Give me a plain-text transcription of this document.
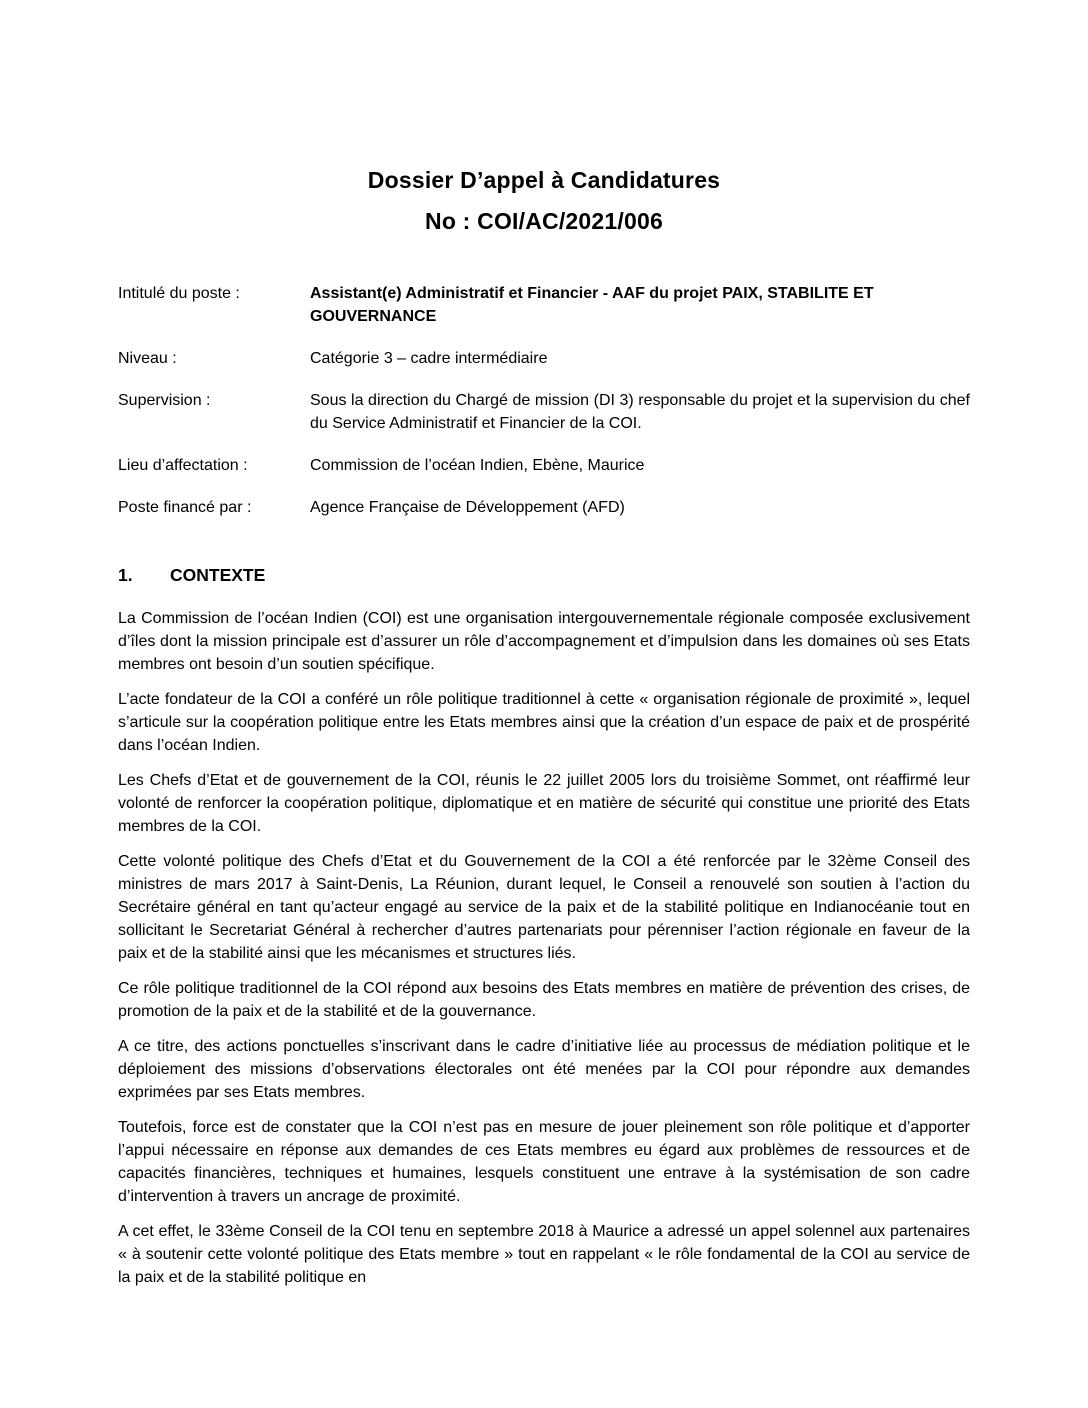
Dossier D’appel à Candidatures
No : COI/AC/2021/006
Intitulé du poste :	Assistant(e) Administratif et Financier - AAF du projet PAIX, STABILITE ET GOUVERNANCE
Niveau :	Catégorie 3 – cadre intermédiaire
Supervision :	Sous la direction du Chargé de mission (DI 3) responsable du projet et la supervision du chef du Service Administratif et Financier de la COI.
Lieu d’affectation :	Commission de l’océan Indien, Ebène, Maurice
Poste financé par :	Agence Française de Développement (AFD)
1. CONTEXTE

La Commission de l’océan Indien (COI) est une organisation intergouvernementale régionale composée exclusivement d’îles dont la mission principale est d’assurer un rôle d’accompagnement et d’impulsion dans les domaines où ses Etats membres ont besoin d’un soutien spécifique.

L’acte fondateur de la COI a conféré un rôle politique traditionnel à cette « organisation régionale de proximité », lequel s’articule sur la coopération politique entre les Etats membres ainsi que la création d’un espace de paix et de prospérité dans l’océan Indien.

Les Chefs d’Etat et de gouvernement de la COI, réunis le 22 juillet 2005 lors du troisième Sommet, ont réaffirmé leur volonté de renforcer la coopération politique, diplomatique et en matière de sécurité qui constitue une priorité des Etats membres de la COI.

Cette volonté politique des Chefs d’Etat et du Gouvernement de la COI a été renforcée par le 32ème Conseil des ministres de mars 2017 à Saint-Denis, La Réunion, durant lequel, le Conseil a renouvelé son soutien à l’action du Secrétaire général en tant qu’acteur engagé au service de la paix et de la stabilité politique en Indianocéanie tout en sollicitant le Secretariat Général à rechercher d’autres partenariats pour pérenniser l’action régionale en faveur de la paix et de la stabilité ainsi que les mécanismes et structures liés.

Ce rôle politique traditionnel de la COI répond aux besoins des Etats membres en matière de prévention des crises, de promotion de la paix et de la stabilité et de la gouvernance.

A ce titre, des actions ponctuelles s’inscrivant dans le cadre d’initiative liée au processus de médiation politique et le déploiement des missions d’observations électorales ont été menées par la COI pour répondre aux demandes exprimées par ses Etats membres.

Toutefois, force est de constater que la COI n’est pas en mesure de jouer pleinement son rôle politique et d’apporter l’appui nécessaire en réponse aux demandes de ces Etats membres eu égard aux problèmes de ressources et de capacités financières, techniques et humaines, lesquels constituent une entrave à la systémisation de son cadre d’intervention à travers un ancrage de proximité.

A cet effet, le 33ème Conseil de la COI tenu en septembre 2018 à Maurice a adressé un appel solennel aux partenaires « à soutenir cette volonté politique des Etats membre » tout en rappelant « le rôle fondamental de la COI au service de la paix et de la stabilité politique en
